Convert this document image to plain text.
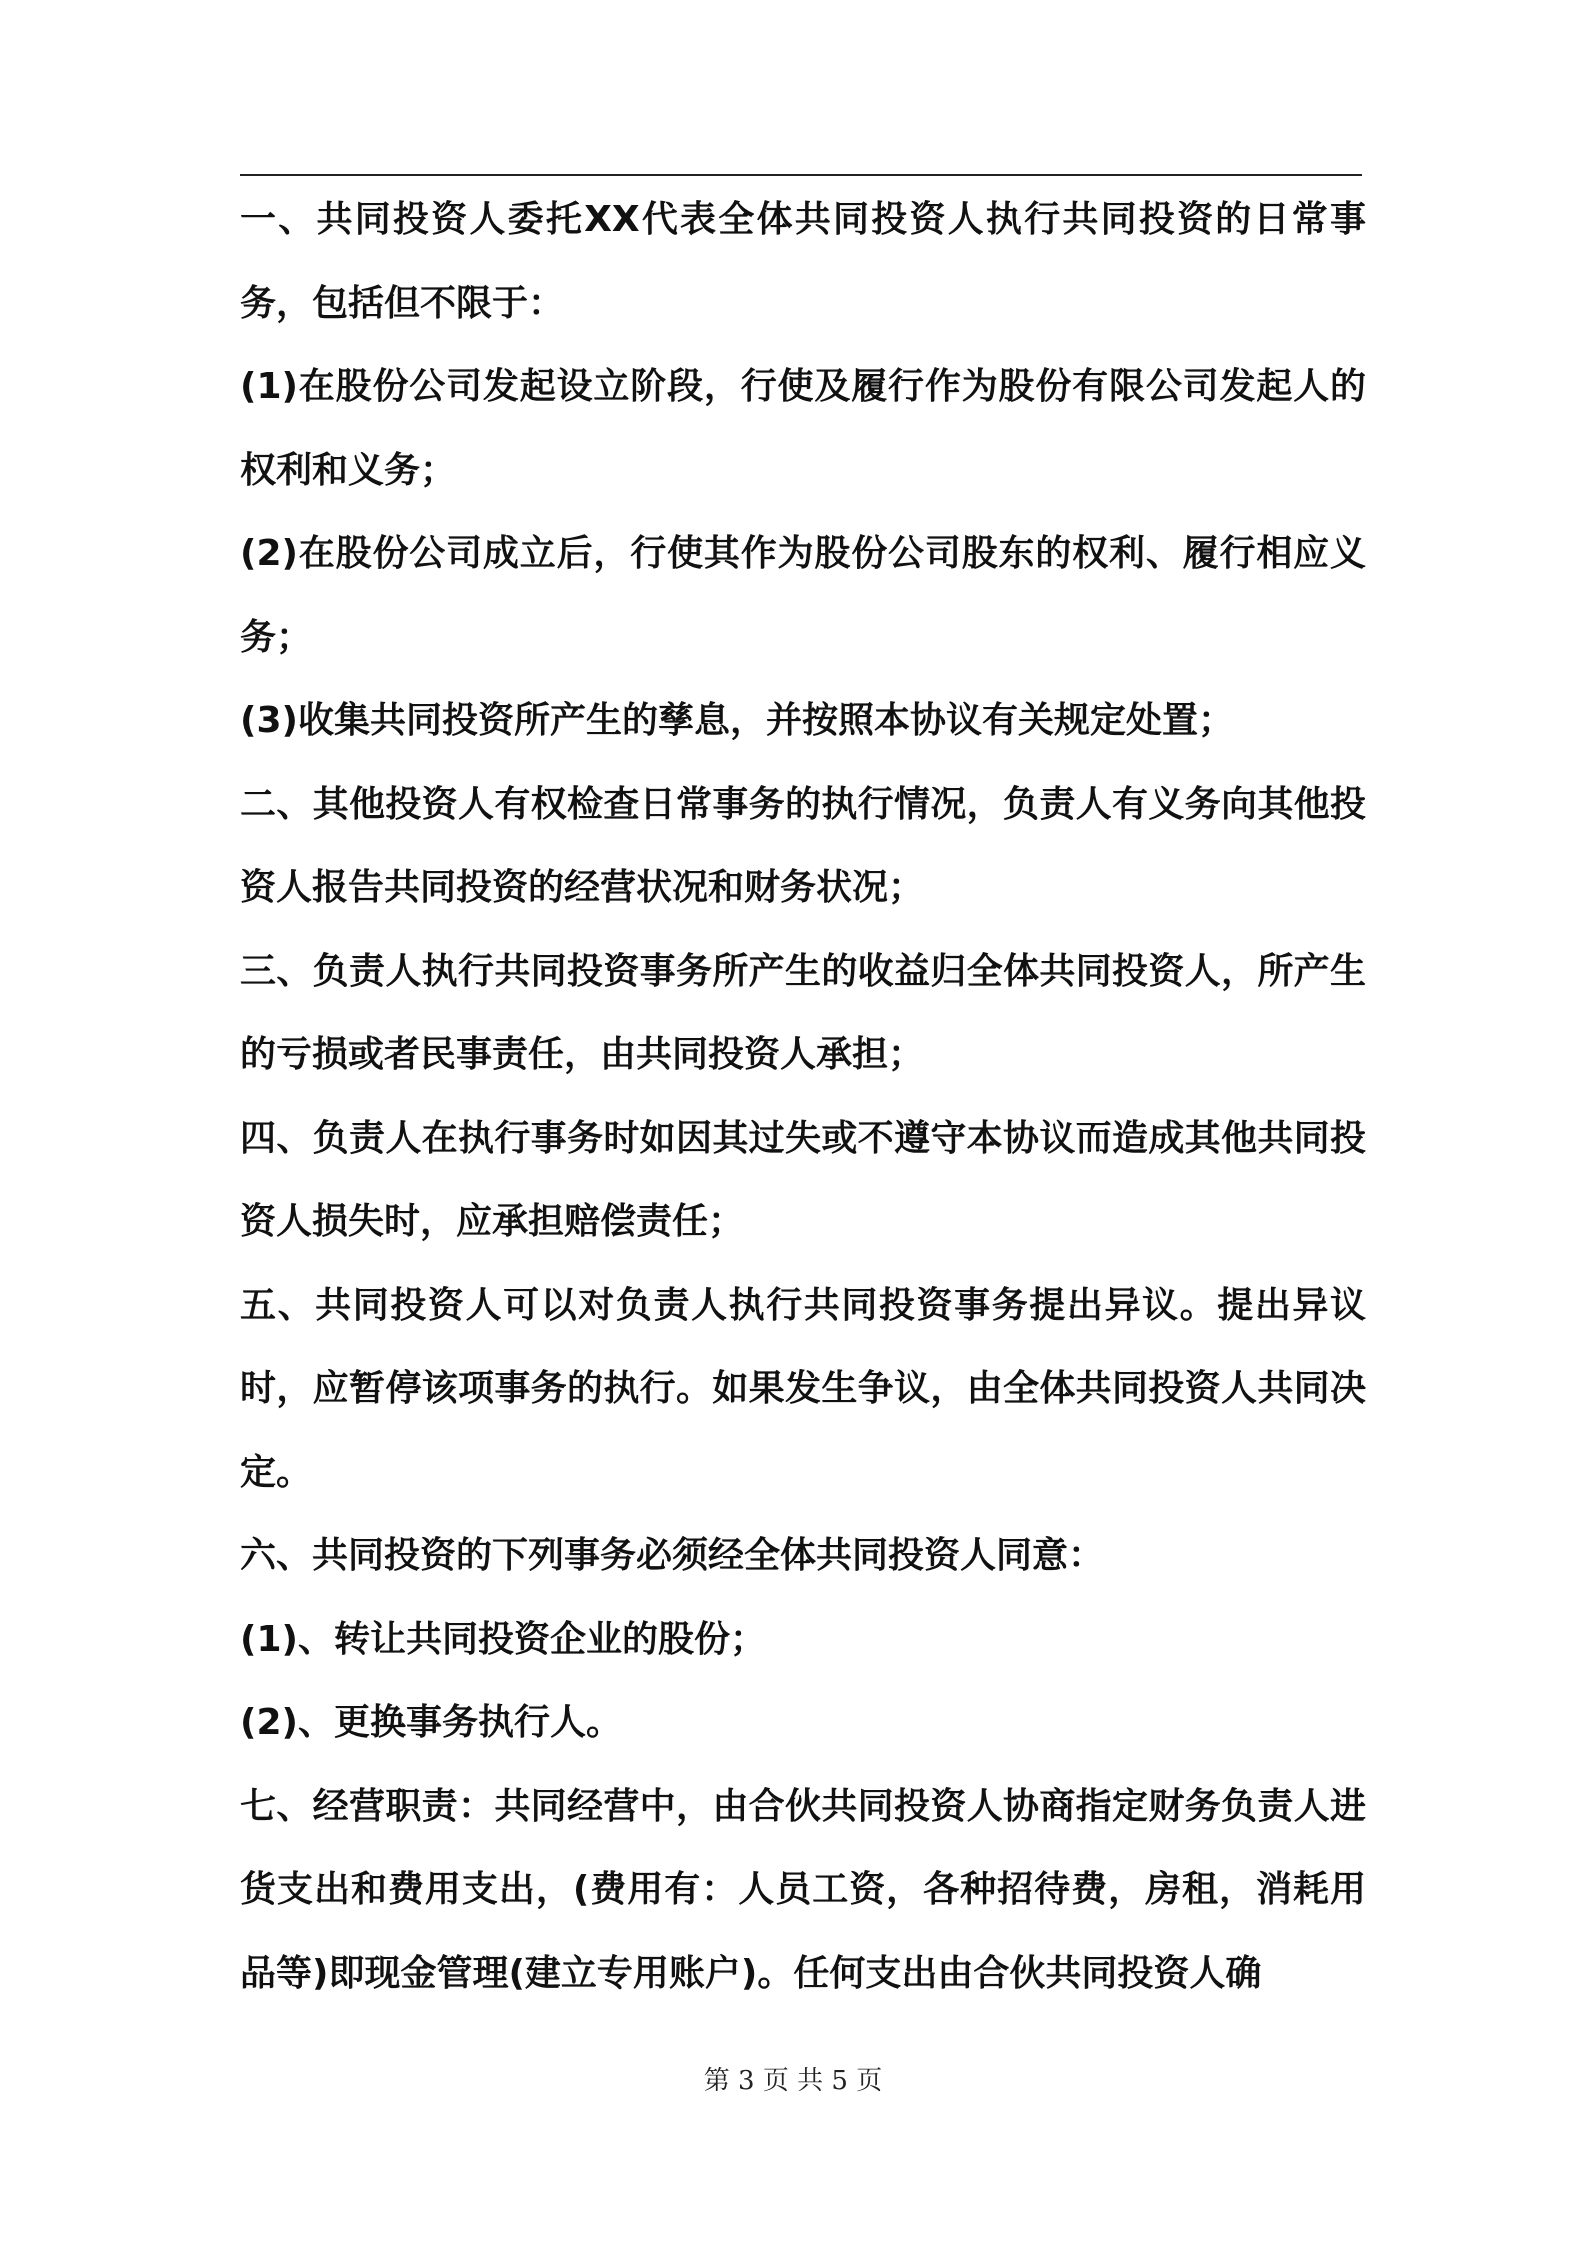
一、共同投资人委托XX代表全体共同投资人执行共同投资的日常事务，包括但不限于：

(1)在股份公司发起设立阶段，行使及履行作为股份有限公司发起人的权利和义务；

(2)在股份公司成立后，行使其作为股份公司股东的权利、履行相应义务；

(3)收集共同投资所产生的孳息，并按照本协议有关规定处置；

二、其他投资人有权检查日常事务的执行情况，负责人有义务向其他投资人报告共同投资的经营状况和财务状况；

三、负责人执行共同投资事务所产生的收益归全体共同投资人，所产生的亏损或者民事责任，由共同投资人承担；

四、负责人在执行事务时如因其过失或不遵守本协议而造成其他共同投资人损失时，应承担赔偿责任；

五、共同投资人可以对负责人执行共同投资事务提出异议。提出异议时，应暂停该项事务的执行。如果发生争议，由全体共同投资人共同决定。

六、共同投资的下列事务必须经全体共同投资人同意：

(1)、转让共同投资企业的股份；

(2)、更换事务执行人。

七、经营职责：共同经营中，由合伙共同投资人协商指定财务负责人进货支出和费用支出，(费用有：人员工资，各种招待费，房租，消耗用品等)即现金管理(建立专用账户)。任何支出由合伙共同投资人确

第 3 页 共 5 页
